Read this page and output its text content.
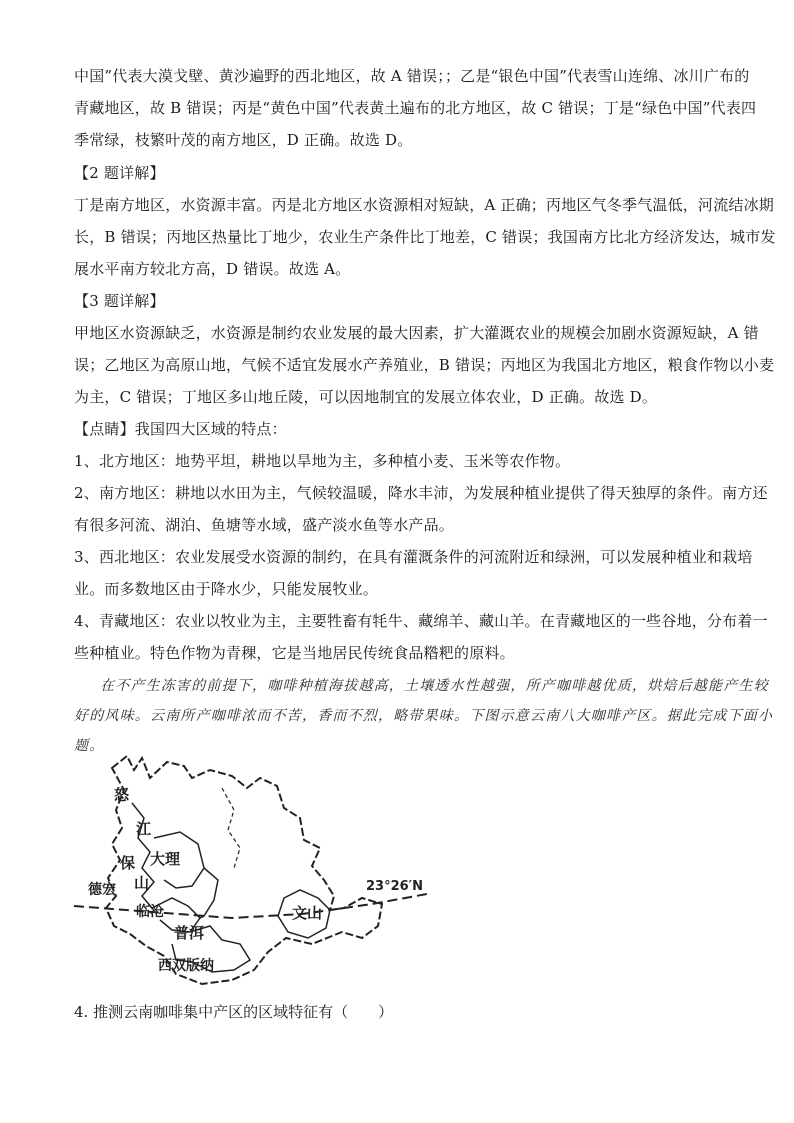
中国”代表大漠戈壁、黄沙遍野的西北地区，故 A 错误；；乙是“银色中国”代表雪山连绵、冰川广布的
青藏地区，故 B 错误；丙是“黄色中国”代表黄土遍布的北方地区，故 C 错误；丁是“绿色中国”代表四
季常绿，枝繁叶茂的南方地区，D 正确。故选 D。
【2 题详解】
丁是南方地区，水资源丰富。丙是北方地区水资源相对短缺，A 正确；丙地区气冬季气温低，河流结冰期
长，B 错误；丙地区热量比丁地少，农业生产条件比丁地差，C 错误；我国南方比北方经济发达，城市发
展水平南方较北方高，D 错误。故选 A。
【3 题详解】
甲地区水资源缺乏，水资源是制约农业发展的最大因素，扩大灌溉农业的规模会加剧水资源短缺，A 错
误；乙地区为高原山地，气候不适宜发展水产养殖业，B 错误；丙地区为我国北方地区，粮食作物以小麦
为主，C 错误；丁地区多山地丘陵，可以因地制宜的发展立体农业，D 正确。故选 D。
【点睛】我国四大区域的特点：
1、北方地区：地势平坦，耕地以旱地为主，多种植小麦、玉米等农作物。
2、南方地区：耕地以水田为主，气候较温暖，降水丰沛，为发展种植业提供了得天独厚的条件。南方还
有很多河流、湖泊、鱼塘等水域，盛产淡水鱼等水产品。
3、西北地区：农业发展受水资源的制约，在具有灌溉条件的河流附近和绿洲，可以发展种植业和栽培
业。而多数地区由于降水少，只能发展牧业。
4、青藏地区：农业以牧业为主，主要牲畜有牦牛、藏绵羊、藏山羊。在青藏地区的一些谷地，分布着一
些种植业。特色作物为青稞，它是当地居民传统食品糌粑的原料。
在不产生冻害的前提下，咖啡种植海拔越高，土壤透水性越强，所产咖啡越优质，烘焙后越能产生较
好的风味。云南所产咖啡浓而不苦，香而不烈，略带果味。下图示意云南八大咖啡产区。据此完成下面小
题。
怒
江
保
山
大理
德宏
临沧
普洱
西双版纳
文山
23°26′N
4. 推测云南咖啡集中产区的区域特征有（　　）
